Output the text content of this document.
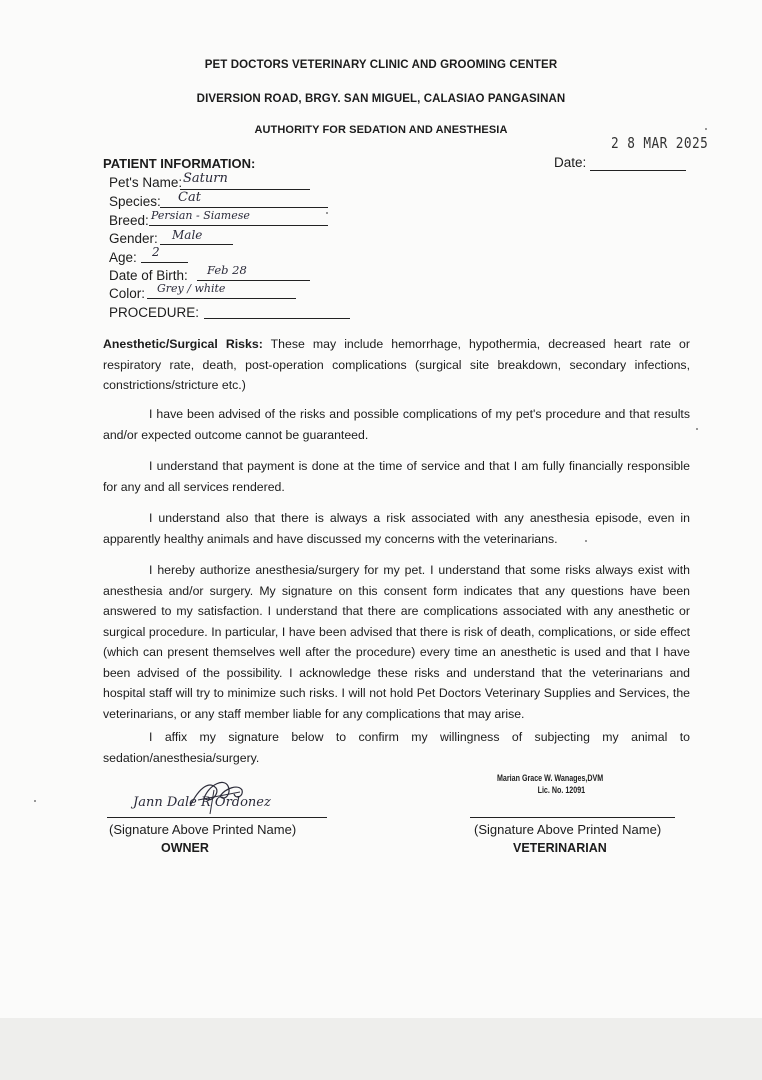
PET DOCTORS VETERINARY CLINIC AND GROOMING CENTER
DIVERSION ROAD, BRGY. SAN MIGUEL, CALASIAO PANGASINAN
AUTHORITY FOR SEDATION AND ANESTHESIA
2 8 MAR 2025
Date:
PATIENT INFORMATION:
Pet's Name: Saturn
Species: Cat
Breed: Persian - Siamese
Gender: Male
Age: 2
Date of Birth: Feb 28
Color: Grey / white
PROCEDURE:

Anesthetic/Surgical Risks: These may include hemorrhage, hypothermia, decreased heart rate or respiratory rate, death, post-operation complications (surgical site breakdown, secondary infections, constrictions/stricture etc.)

I have been advised of the risks and possible complications of my pet's procedure and that results and/or expected outcome cannot be guaranteed.

I understand that payment is done at the time of service and that I am fully financially responsible for any and all services rendered.

I understand also that there is always a risk associated with any anesthesia episode, even in apparently healthy animals and have discussed my concerns with the veterinarians.

I hereby authorize anesthesia/surgery for my pet. I understand that some risks always exist with anesthesia and/or surgery. My signature on this consent form indicates that any questions have been answered to my satisfaction. I understand that there are complications associated with any anesthetic or surgical procedure. In particular, I have been advised that there is risk of death, complications, or side effect (which can present themselves well after the procedure) every time an anesthetic is used and that I have been advised of the possibility. I acknowledge these risks and understand that the veterinarians and hospital staff will try to minimize such risks. I will not hold Pet Doctors Veterinary Supplies and Services, the veterinarians, or any staff member liable for any complications that may arise.

I affix my signature below to confirm my willingness of subjecting my animal to sedation/anesthesia/surgery.

Jann Dale R Ordonez
(Signature Above Printed Name)
OWNER
Marian Grace W. Wanages,DVM
Lic. No. 12091
(Signature Above Printed Name)
VETERINARIAN
